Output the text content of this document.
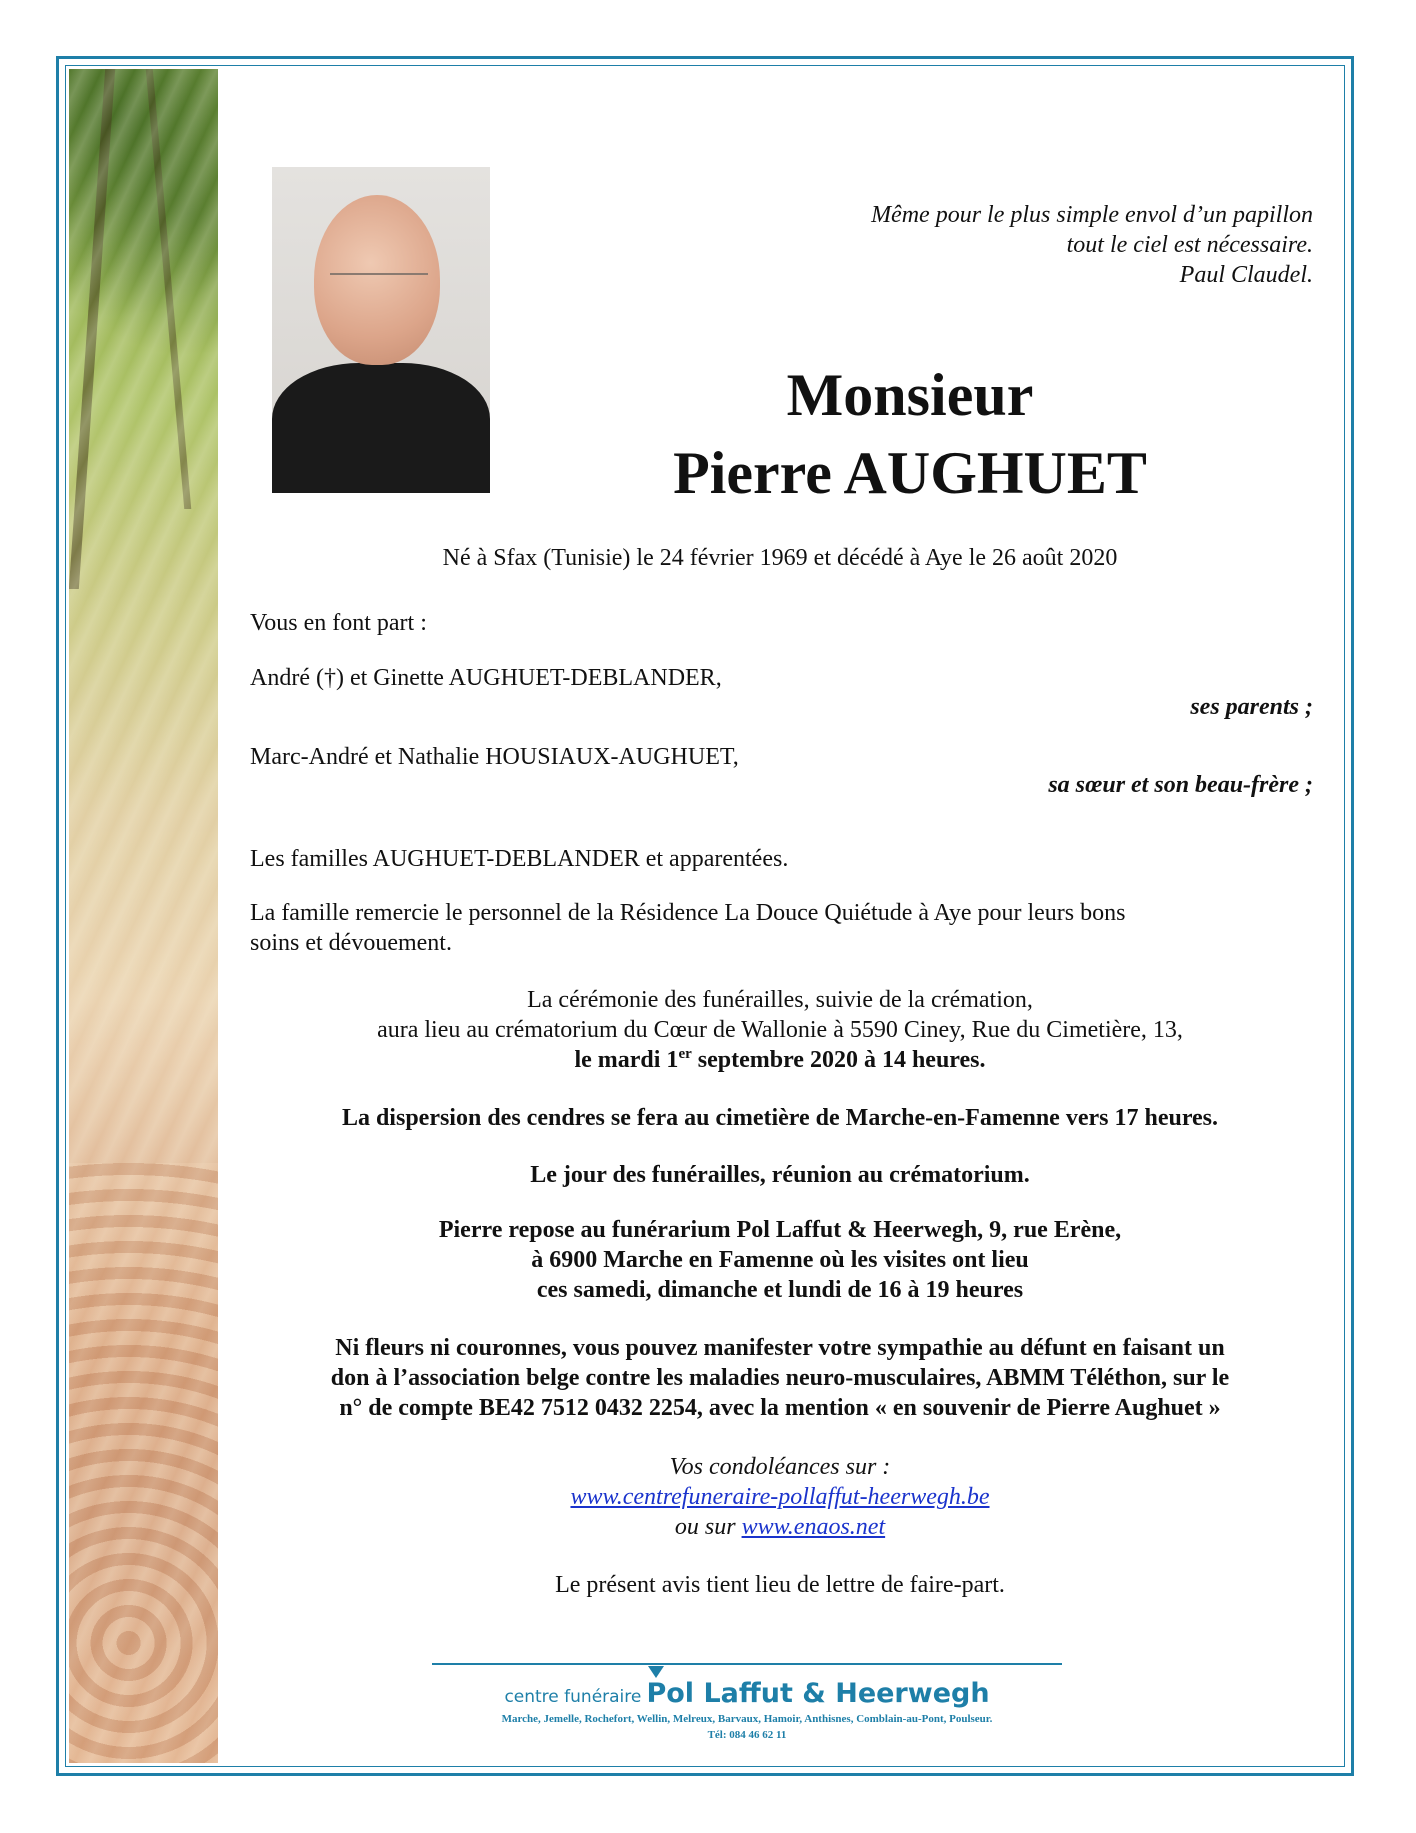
Même pour le plus simple envol d’un papillon
tout le ciel est nécessaire.
Paul Claudel.
Monsieur
Pierre AUGHUET
Né à Sfax (Tunisie) le 24 février 1969 et décédé à Aye le 26 août 2020
Vous en font part :
André (†) et Ginette AUGHUET-DEBLANDER,
ses parents ;
Marc-André et Nathalie HOUSIAUX-AUGHUET,
sa sœur et son beau-frère ;
Les familles AUGHUET-DEBLANDER et apparentées.
La famille remercie le personnel de la Résidence La Douce Quiétude à Aye pour leurs bons
soins et dévouement.
La cérémonie des funérailles, suivie de la crémation,
aura lieu au crématorium du Cœur de Wallonie à 5590 Ciney, Rue du Cimetière, 13,
le mardi 1er septembre 2020 à 14 heures.
La dispersion des cendres se fera au cimetière de Marche-en-Famenne vers 17 heures.
Le jour des funérailles, réunion au crématorium.
Pierre repose au funérarium Pol Laffut & Heerwegh, 9, rue Erène,
à 6900 Marche en Famenne où les visites ont lieu
ces samedi, dimanche et lundi de 16 à 19 heures
Ni fleurs ni couronnes, vous pouvez manifester votre sympathie au défunt en faisant un
don à l’association belge contre les maladies neuro-musculaires, ABMM Téléthon, sur le
n° de compte BE42 7512 0432 2254, avec la mention « en souvenir de Pierre Aughuet »
Vos condoléances sur :
www.centrefuneraire-pollaffut-heerwegh.be
ou sur www.enaos.net
Le présent avis tient lieu de lettre de faire-part.
centre funéraire Pol Laffut & Heerwegh
Marche, Jemelle, Rochefort, Wellin, Melreux, Barvaux, Hamoir, Anthisnes, Comblain-au-Pont, Poulseur.
Tél: 084 46 62 11
